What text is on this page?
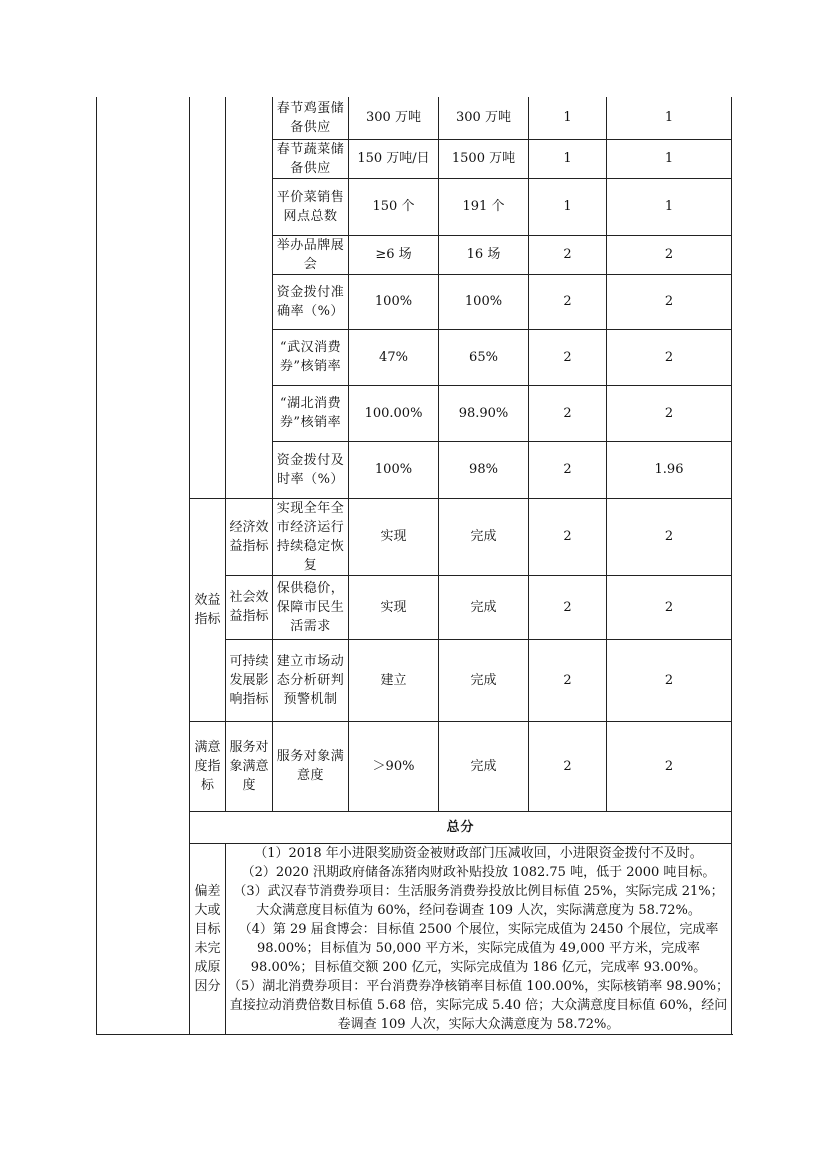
			春节鸡蛋储备供应	300 万吨	300 万吨	1	1	
			春节蔬菜储备供应	150 万吨/日	1500 万吨	1	1	
			平价菜销售网点总数	150 个	191 个	1	1	
			举办品牌展会	≥6 场	16 场	2	2	
			资金拨付准确率（%）	100%	100%	2	2	
			“武汉消费券”核销率	47%	65%	2	2	
			“湖北消费券”核销率	100.00%	98.90%	2	2	
			资金拨付及时率（%）	100%	98%	2	1.96	
	效益指标	经济效益指标	实现全年全市经济运行持续稳定恢复	实现	完成	2	2	
		社会效益指标	保供稳价，保障市民生活需求	实现	完成	2	2	
		可持续发展影响指标	建立市场动态分析研判预警机制	建立	完成	2	2	
	满意度指标	服务对象满意度	服务对象满意度	＞90%	完成	2	2	
	总分	
	偏差大或 目标未完 成原因分	（1）2018 年小进限奖励资金被财政部门压减收回，小进限资金拨付不及时。
（2）2020 汛期政府储备冻猪肉财政补贴投放 1082.75 吨，低于 2000 吨目标。
（3）武汉春节消费券项目：生活服务消费券投放比例目标值 25%，实际完成 21%；大众满意度目标值为 60%，经问卷调查 109 人次，实际满意度为 58.72%。
（4）第 29 届食博会：目标值 2500 个展位，实际完成值为 2450 个展位，完成率 98.00%；目标值为 50,000 平方米，实际完成值为 49,000 平方米，完成率 98.00%；目标值交额 200 亿元，实际完成值为 186 亿元，完成率 93.00%。
（5）湖北消费券项目：平台消费券净核销率目标值 100.00%，实际核销率 98.90%；直接拉动消费倍数目标值 5.68 倍，实际完成 5.40 倍；大众满意度目标值 60%，经问卷调查 109 人次，实际大众满意度为 58.72%。						
